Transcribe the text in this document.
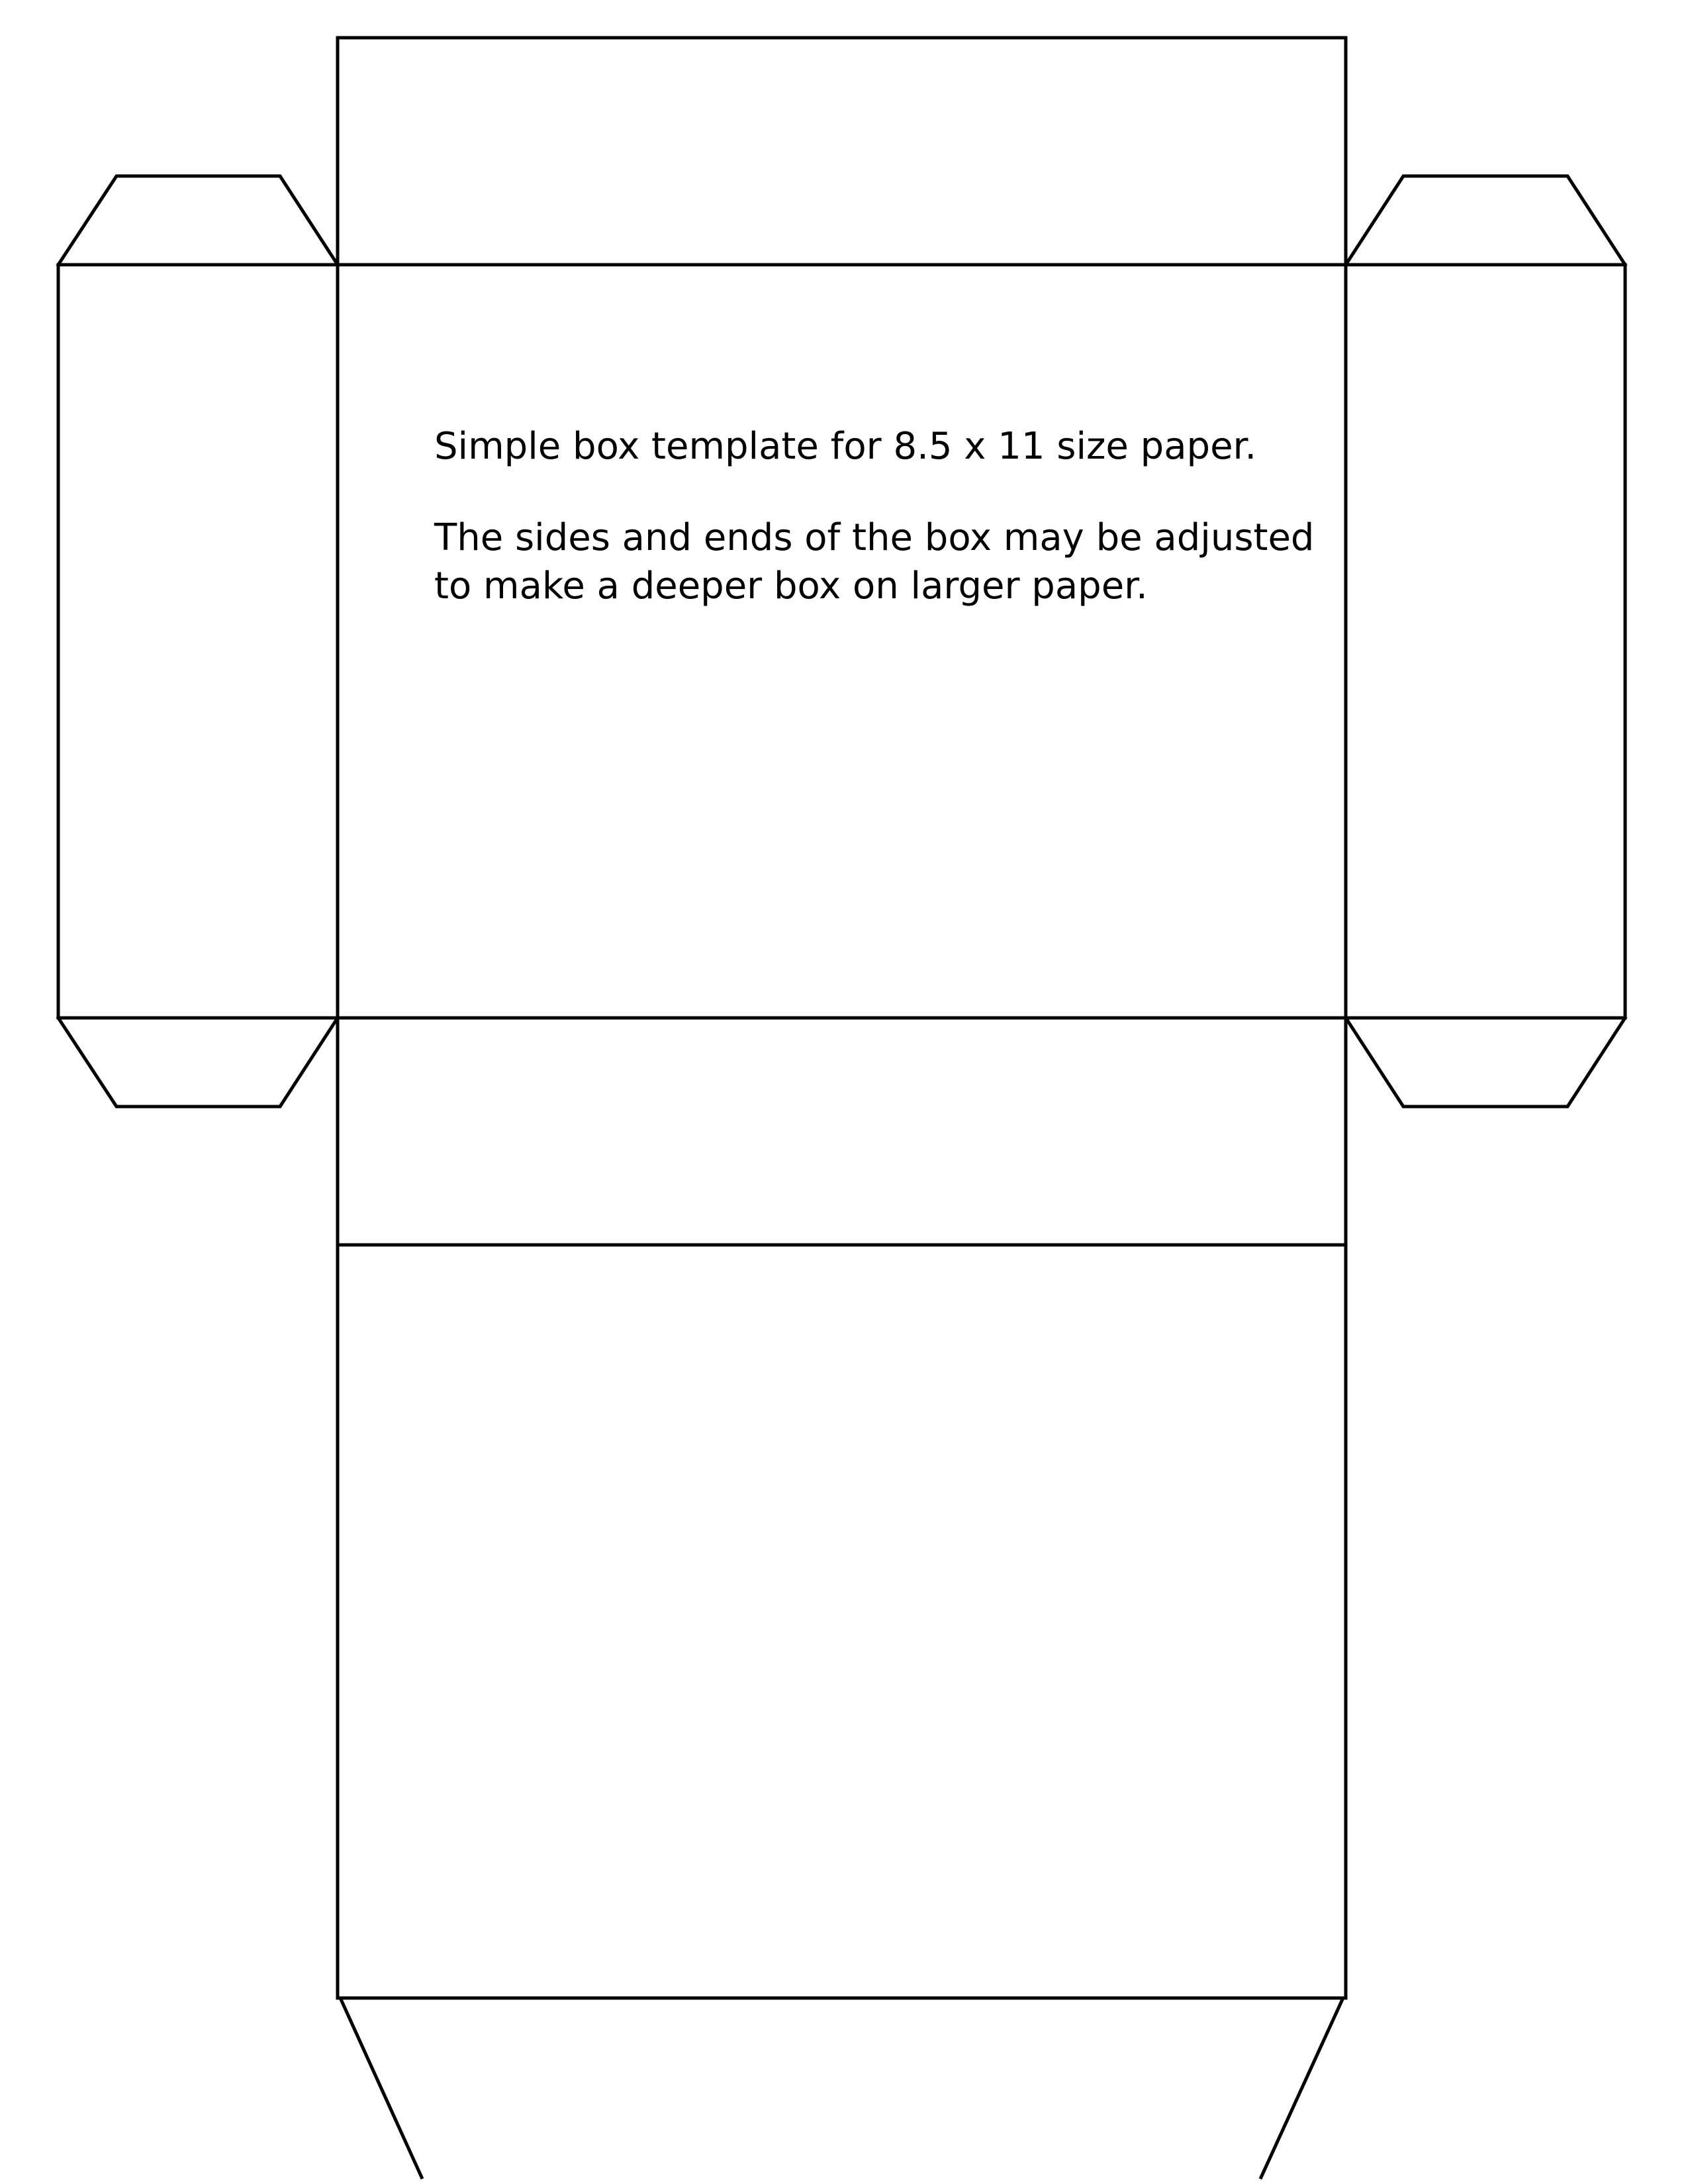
Simple box template for 8.5 x 11 size paper.
The sides and ends of the box may be adjusted
to make a deeper box on larger paper.
